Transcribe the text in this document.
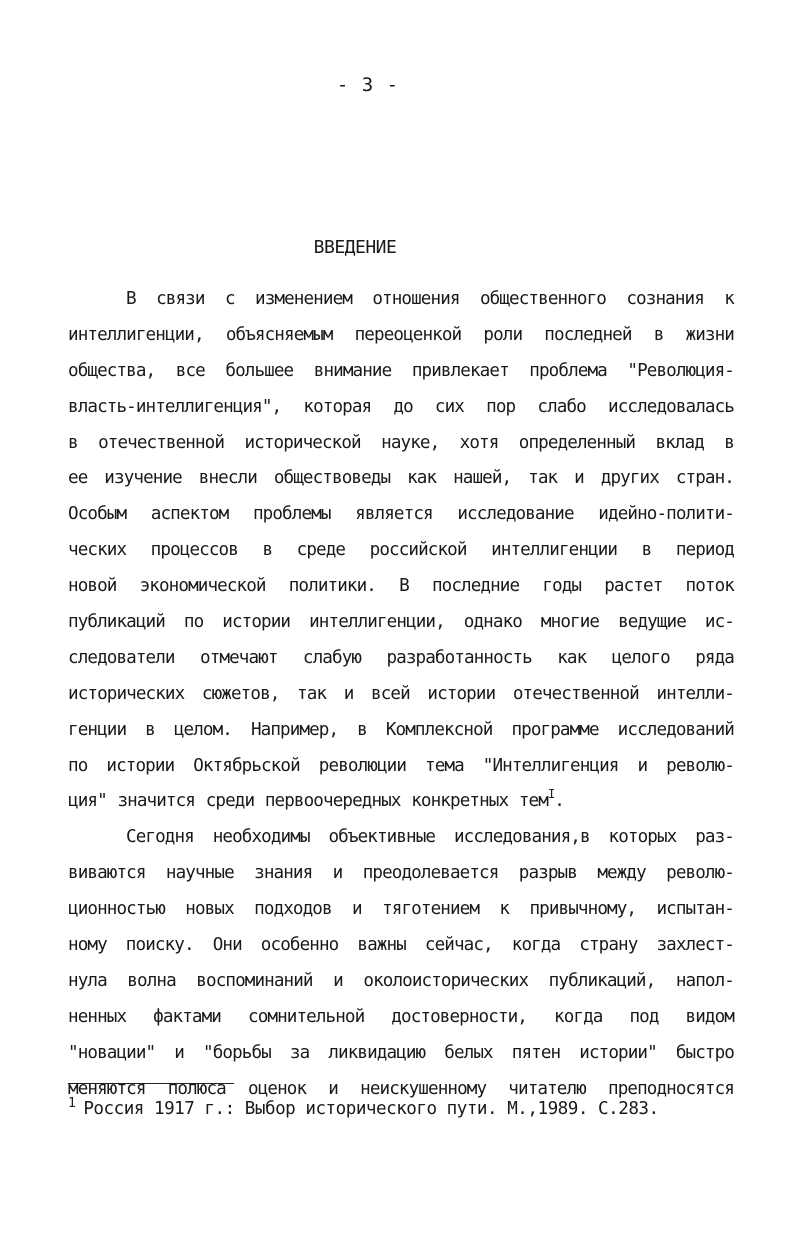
- 3 -
ВВЕДЕНИЕ
В связи с изменением отношения общественного сознания к
интеллигенции, объясняемым переоценкой роли последней в жизни
общества, все большее внимание привлекает проблема "Революция-
власть-интеллигенция", которая до сих пор слабо исследовалась
в отечественной исторической науке, хотя определенный вклад в
ее изучение внесли обществоведы как нашей, так и других стран.
Особым аспектом проблемы является исследование идейно-полити-
ческих процессов в среде российской интеллигенции в период
новой экономической политики. В последние годы растет поток
публикаций по истории интеллигенции, однако многие ведущие ис-
следователи отмечают слабую разработанность как целого ряда
исторических сюжетов, так и всей истории отечественной интелли-
генции в целом. Например, в Комплексной программе исследований
по истории Октябрьской революции тема "Интеллигенция и револю-
ция" значится среди первоочередных конкретных тем$^I$.
Сегодня необходимы объективные исследования,в которых раз-
виваются научные знания и преодолевается разрыв между револю-
ционностью новых подходов и тяготением к привычному, испытан-
ному поиску. Они особенно важны сейчас, когда страну захлест-
нула волна воспоминаний и околоисторических публикаций, напол-
ненных фактами сомнительной достоверности, когда под видом
"новации" и "борьбы за ликвидацию белых пятен истории" быстро
меняются полюса оценок и неискушенному читателю преподносятся
$^1$ Россия 1917 г.: Выбор исторического пути. М.,1989. С.283.
